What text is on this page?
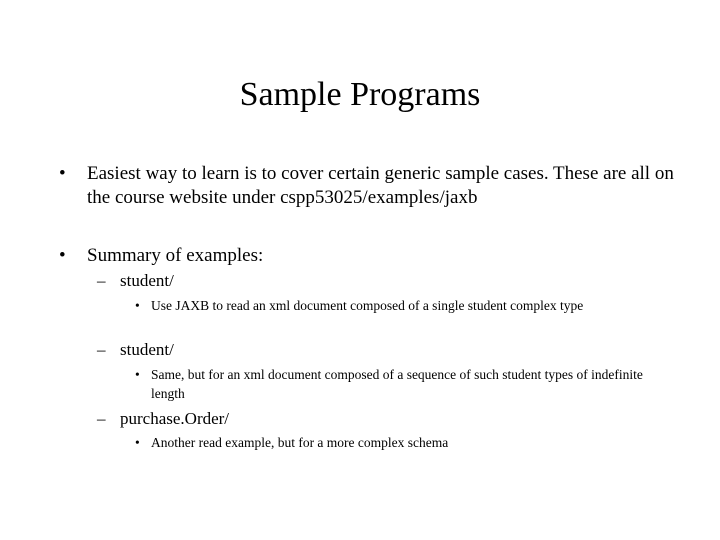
Sample Programs
• Easiest way to learn is to cover certain generic sample cases. These are all on the course website under cspp53025/examples/jaxb
• Summary of examples:
– student/
• Use JAXB to read an xml document composed of a single student complex type
– student/
• Same, but for an xml document composed of a sequence of such student types of indefinite length
– purchase.Order/
• Another read example, but for a more complex schema
